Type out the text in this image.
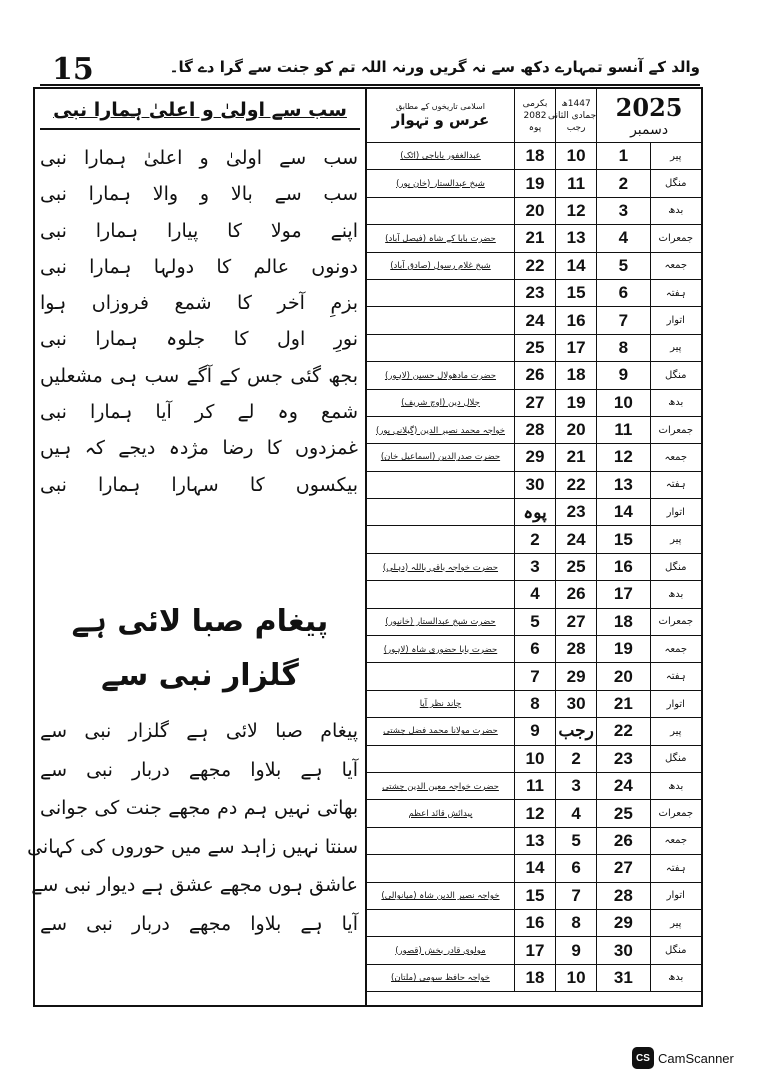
15	والد کے آنسو تمہارے دکھ سے نہ گریں ورنہ اللہ تم کو جنت سے گرا دے گا۔
سب سے اولیٰ و اعلیٰ ہمارا نبی
سب سے اولیٰ و اعلیٰ ہمارا نبی
سب سے بالا و والا ہمارا نبی
اپنے مولا کا پیارا ہمارا نبی
دونوں عالم کا دولہا ہمارا نبی
بزمِ آخر کا شمع فروزاں ہوا
نورِ اول کا جلوہ ہمارا نبی
بجھ گئی جس کے آگے سب ہی مشعلیں
شمع وہ لے کر آیا ہمارا نبی
غمزدوں کا رضا مژدہ دیجے کہ ہیں
بیکسوں کا سہارا ہمارا نبی
پیغام صبا لائی ہے
گلزار نبی سے
پیغام صبا لائی ہے گلزار نبی سے
آیا ہے بلاوا مجھے دربار نبی سے
بھاتی نہیں ہم دم مجھے جنت کی جوانی
سنتا نہیں زاہد سے میں حوروں کی کہانی
عاشق ہوں مجھے عشق ہے دیوار نبی سے
آیا ہے بلاوا مجھے دربار نبی سے
اسلامی تاریخوں کے مطابق
عرس و تہوار	بکرمی
2082
پوہ	1447ھ
جمادی الثانی
رجب	2025
دسمبر	

عبدالغفور باباجی (اٹک)	18	10	1	پیر
شیخ عبدالستار (خان پور)	19	11	2	منگل
	20	12	3	بدھ
حضرت بابا کے شاہ (فیصل آباد)	21	13	4	جمعرات
شیخ غلام رسول (صادق آباد)	22	14	5	جمعہ
	23	15	6	ہفتہ
	24	16	7	اتوار
	25	17	8	پیر
حضرت مادھولال حسین (لاہور)	26	18	9	منگل
جلال دین (اوچ شریف)	27	19	10	بدھ
خواجہ محمد نصیر الدین (گیلانی پور)	28	20	11	جمعرات
حضرت صدرالدین (اسماعیل خان)	29	21	12	جمعہ
	30	22	13	ہفتہ
	پوہ	23	14	اتوار
	2	24	15	پیر
حضرت خواجہ باقی باللہ (دہلی)	3	25	16	منگل
	4	26	17	بدھ
حضرت شیخ عبدالستار (خانپور)	5	27	18	جمعرات
حضرت بابا حضوری شاہ (لاہور)	6	28	19	جمعہ
	7	29	20	ہفتہ
چاند نظر آیا	8	30	21	اتوار
حضرت مولانا محمد فضل چشتی	9	رجب	22	پیر
	10	2	23	منگل
حضرت خواجہ معین الدین چشتی	11	3	24	بدھ
پیدائش قائد اعظم	12	4	25	جمعرات
	13	5	26	جمعہ
	14	6	27	ہفتہ
خواجہ نصیر الدین شاہ (میانوالی)	15	7	28	اتوار
	16	8	29	پیر
مولوی قادر بخش (قصور)	17	9	30	منگل
خواجہ حافظ سومی (ملتان)	18	10	31	بدھ
CS CamScanner
